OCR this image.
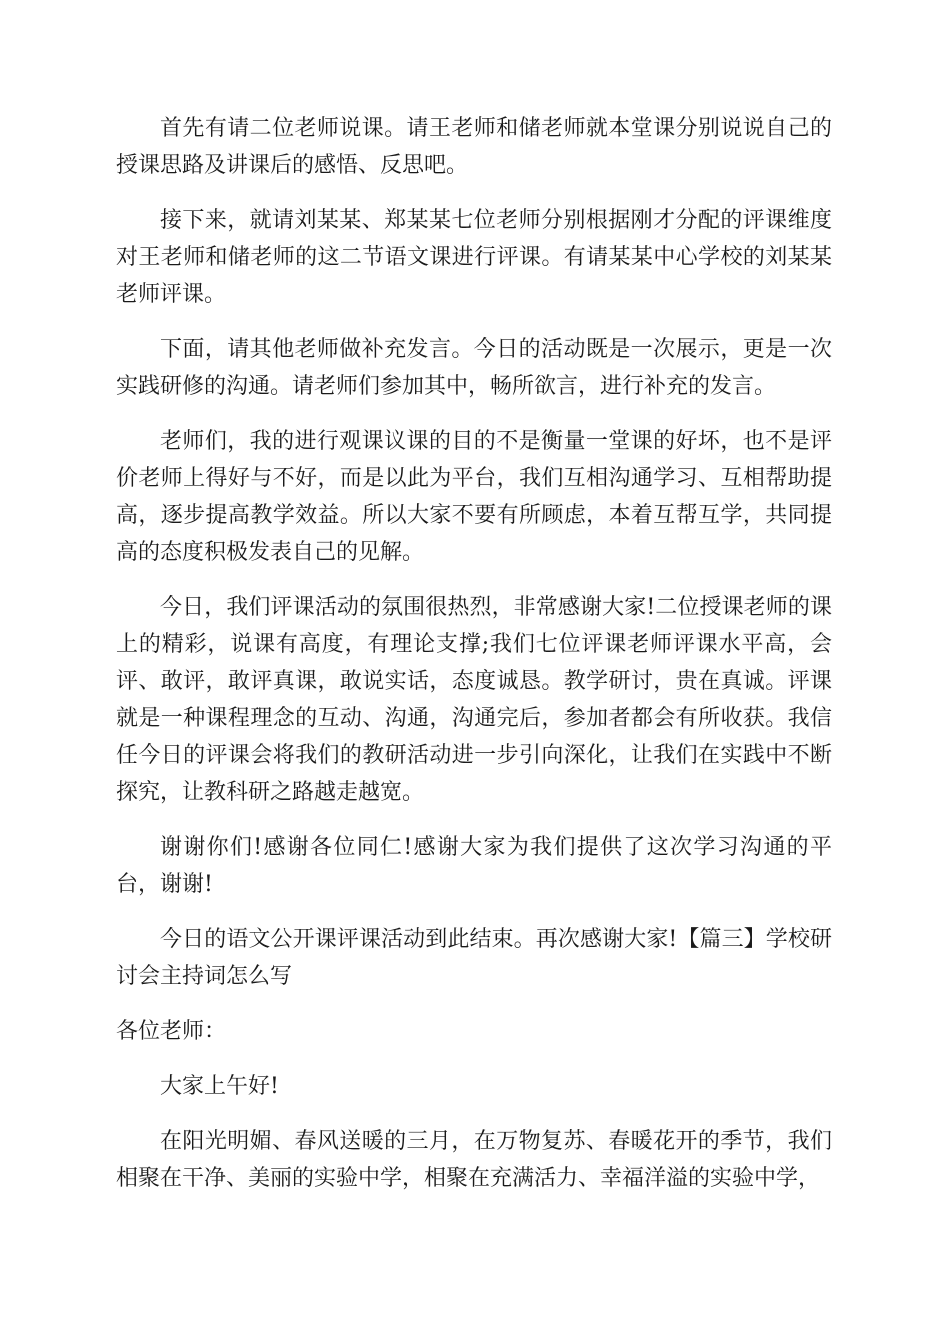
首先有请二位老师说课。请王老师和储老师就本堂课分别说说自己的授课思路及讲课后的感悟、反思吧。

接下来，就请刘某某、郑某某七位老师分别根据刚才分配的评课维度对王老师和储老师的这二节语文课进行评课。有请某某中心学校的刘某某老师评课。

下面，请其他老师做补充发言。今日的活动既是一次展示，更是一次实践研修的沟通。请老师们参加其中，畅所欲言，进行补充的发言。

老师们，我的进行观课议课的目的不是衡量一堂课的好坏，也不是评价老师上得好与不好，而是以此为平台，我们互相沟通学习、互相帮助提高，逐步提高教学效益。所以大家不要有所顾虑，本着互帮互学，共同提高的态度积极发表自己的见解。

今日，我们评课活动的氛围很热烈，非常感谢大家!二位授课老师的课上的精彩，说课有高度，有理论支撑;我们七位评课老师评课水平高，会评、敢评，敢评真课，敢说实话，态度诚恳。教学研讨，贵在真诚。评课就是一种课程理念的互动、沟通，沟通完后，参加者都会有所收获。我信任今日的评课会将我们的教研活动进一步引向深化，让我们在实践中不断探究，让教科研之路越走越宽。

谢谢你们!感谢各位同仁!感谢大家为我们提供了这次学习沟通的平台，谢谢!

今日的语文公开课评课活动到此结束。再次感谢大家!【篇三】学校研讨会主持词怎么写

各位老师：

大家上午好!

在阳光明媚、春风送暖的三月，在万物复苏、春暖花开的季节，我们相聚在干净、美丽的实验中学，相聚在充满活力、幸福洋溢的实验中学，
